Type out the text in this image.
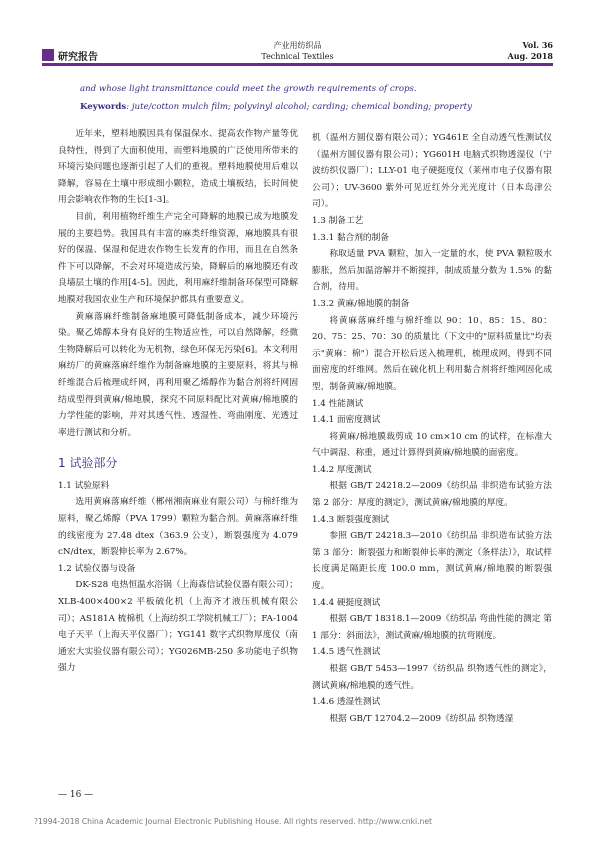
研究报告
产业用纺织品
Technical Textiles
Vol. 36
Aug. 2018
and whose light transmittance could meet the growth requirements of crops.
Keywords: jute/cotton mulch film; polyvinyl alcohol; carding; chemical bonding; property

近年来，塑料地膜因具有保温保水、提高农作物产量等优良特性，得到了大面积使用，而塑料地膜的广泛使用所带来的环境污染问题也逐渐引起了人们的重视。塑料地膜使用后难以降解，容易在土壤中形成细小颗粒，造成土壤板结，长时间使用会影响农作物的生长[1-3]。

目前，利用植物纤维生产完全可降解的地膜已成为地膜发展的主要趋势。我国具有丰富的麻类纤维资源，麻地膜具有很好的保温、保湿和促进农作物生长发育的作用，而且在自然条件下可以降解，不会对环境造成污染，降解后的麻地膜还有改良墙层土壤的作用[4-5]。因此，利用麻纤维制备环保型可降解地膜对我国农业生产和环境保护都具有重要意义。

黄麻落麻纤维制备麻地膜可降低制备成本，减少环境污染。聚乙烯醇本身有良好的生物适应性，可以自然降解，经微生物降解后可以转化为无机物，绿色环保无污染[6]。本文利用麻纺厂的黄麻落麻纤维作为制备麻地膜的主要原料，将其与棉纤维混合后梳理成纤网，再利用聚乙烯醇作为黏合剂将纤网固结成型得到黄麻/棉地膜，探究不同原料配比对黄麻/棉地膜的力学性能的影响，并对其透气性、透湿性、弯曲刚度、光透过率进行测试和分析。

1 试验部分

1.1 试验原料

选用黄麻落麻纤维（郴州湘南麻业有限公司）与棉纤维为原料，聚乙烯醇（PVA 1799）颗粒为黏合剂。黄麻落麻纤维的线密度为 27.48 dtex（363.9 公支），断裂强度为 4.079 cN/dtex，断裂伸长率为 2.67%。

1.2 试验仪器与设备

DK-S28 电热恒温水浴锅（上海森信试验仪器有限公司）；XLB-400×400×2 平板硫化机（上海齐才液压机械有限公司）；AS181A 梳棉机（上海纺织工学院机械工厂）；FA-1004 电子天平（上海天平仪器厂）；YG141 数字式织物厚度仪（南通宏大实验仪器有限公司）；YG026MB-250 多功能电子织物强力

机（温州方圆仪器有限公司）；YG461E 全自动透气性测试仪（温州方圆仪器有限公司）；YG601H 电脑式织物透湿仪（宁波纺织仪器厂）；LLY-01 电子硬挺度仪（莱州市电子仪器有限公司）；UV-3600 紫外可见近红外分光光度计（日本岛津公司）。

1.3 制备工艺

1.3.1 黏合剂的制备

称取适量 PVA 颗粒，加入一定量的水，使 PVA 颗粒吸水膨胀，然后加温溶解并不断搅拌，制成质量分数为 1.5% 的黏合剂，待用。

1.3.2 黄麻/棉地膜的制备

将黄麻落麻纤维与棉纤维以 90：10、85：15、80：20、75：25、70：30 的质量比（下文中的"原料质量比"均表示"黄麻：棉"）混合开松后送入梳理机，梳理成网，得到不同面密度的纤维网。然后在硫化机上利用黏合剂将纤维网固化成型，制备黄麻/棉地膜。

1.4 性能测试

1.4.1 面密度测试

将黄麻/棉地膜裁剪成 10 cm×10 cm 的试样，在标准大气中调湿、称重，通过计算得到黄麻/棉地膜的面密度。

1.4.2 厚度测试

根据 GB/T 24218.2—2009《纺织品 非织造布试验方法 第 2 部分：厚度的测定》，测试黄麻/棉地膜的厚度。

1.4.3 断裂强度测试

参照 GB/T 24218.3—2010《纺织品 非织造布试验方法 第 3 部分：断裂强力和断裂伸长率的测定（条样法）》，取试样长度满足隔距长度 100.0 mm，测试黄麻/棉地膜的断裂强度。

1.4.4 硬挺度测试

根据 GB/T 18318.1—2009《纺织品 弯曲性能的测定 第 1 部分：斜面法》，测试黄麻/棉地膜的抗弯刚度。

1.4.5 透气性测试

根据 GB/T 5453—1997《纺织品 织物透气性的测定》，测试黄麻/棉地膜的透气性。

1.4.6 透湿性测试

根据 GB/T 12704.2—2009《纺织品 织物透湿

— 16 —
?1994-2018 China Academic Journal Electronic Publishing House. All rights reserved. http://www.cnki.net
